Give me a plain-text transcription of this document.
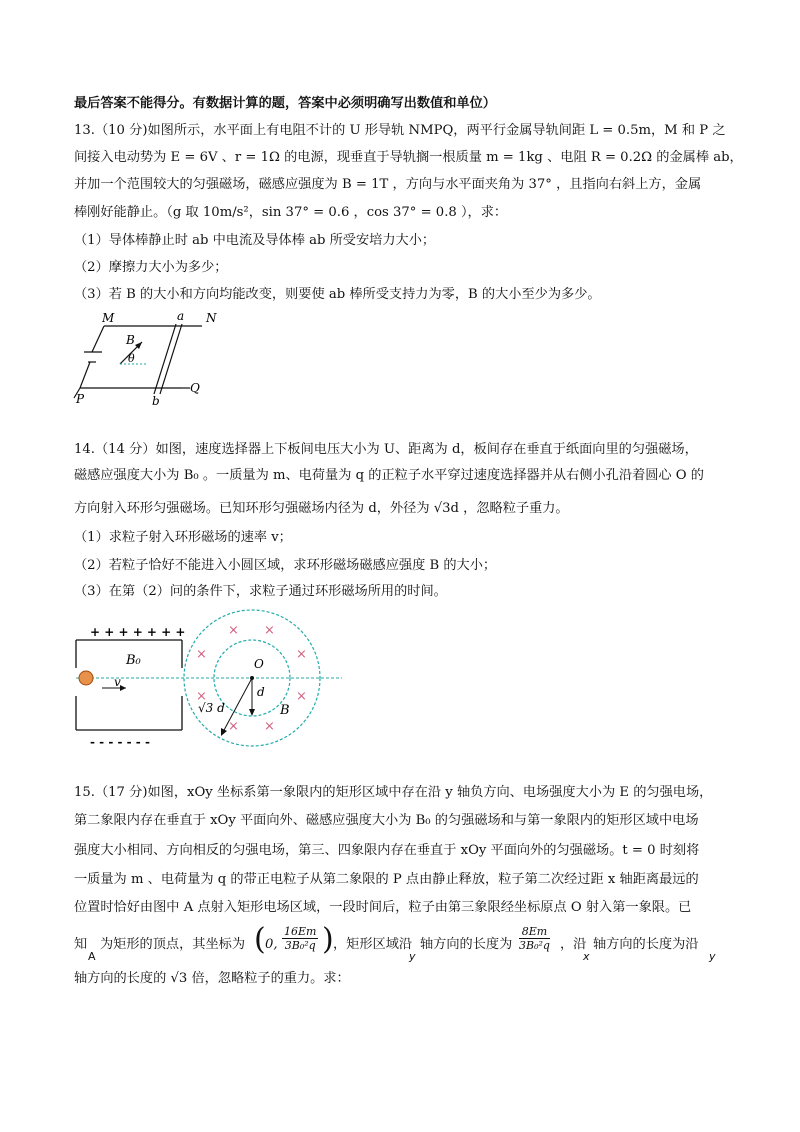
最后答案不能得分。有数据计算的题，答案中必须明确写出数值和单位）
13.（10 分)如图所示，水平面上有电阻不计的 U 形导轨 NMPQ，两平行金属导轨间距 L = 0.5m，M 和 P 之
间接入电动势为 E = 6V 、r = 1Ω 的电源，现垂直于导轨搁一根质量 m = 1kg 、电阻 R = 0.2Ω 的金属棒 ab，
并加一个范围较大的匀强磁场，磁感应强度为 B = 1T ，方向与水平面夹角为 37° ，且指向右斜上方，金属
棒刚好能静止。（g 取 10m/s²，sin 37° = 0.6 ，cos 37° = 0.8 ），求：
（1）导体棒静止时 ab 中电流及导体棒 ab 所受安培力大小；
（2）摩擦力大小为多少；
（3）若 B 的大小和方向均能改变，则要使 ab 棒所受支持力为零，B 的大小至少为多少。
M	a N
B
θ
P	b
Q
14.（14 分）如图，速度选择器上下板间电压大小为 U、距离为 d，板间存在垂直于纸面向里的匀强磁场，
磁感应强度大小为 B₀ 。一质量为 m、电荷量为 q 的正粒子水平穿过速度选择器并从右侧小孔沿着圆心 O 的
方向射入环形匀强磁场。已知环形匀强磁场内径为 d，外径为 √3d ，忽略粒子重力。
（1）求粒子射入环形磁场的速率 v；
（2）若粒子恰好不能进入小圆区域，求环形磁场磁感应强度 B 的大小；
（3）在第（2）问的条件下，求粒子通过环形磁场所用的时间。
+ + + + + + +
- - - - - - -
v
B₀	O
d
√3 d	B
× ×
×	×
×	×
× ×
15.（17 分)如图，xOy 坐标系第一象限内的矩形区域中存在沿 y 轴负方向、电场强度大小为 E 的匀强电场，
第二象限内存在垂直于 xOy 平面向外、磁感应强度大小为 B₀ 的匀强磁场和与第一象限内的矩形区域中电场
强度大小相同、方向相反的匀强电场，第三、四象限内存在垂直于 xOy 平面向外的匀强磁场。t = 0 时刻将
一质量为 m 、电荷量为 q 的带正电粒子从第二象限的 P 点由静止释放，粒子第二次经过距 x 轴距离最远的
位置时恰好由图中 A 点射入矩形电场区域，一段时间后，粒子由第三象限经坐标原点 O 射入第一象限。已
知
A
为矩形的顶点，其坐标为 ( 0, $\frac{16Em}{\text{3B₀²q}}$ ) ，矩形区域沿
y
轴方向的长度为 $\frac{8Em}{\text{3B₀²q}}$ ，沿
x
轴方向的长度为沿
y
轴方向的长度的 √3 倍，忽略粒子的重力。求：
